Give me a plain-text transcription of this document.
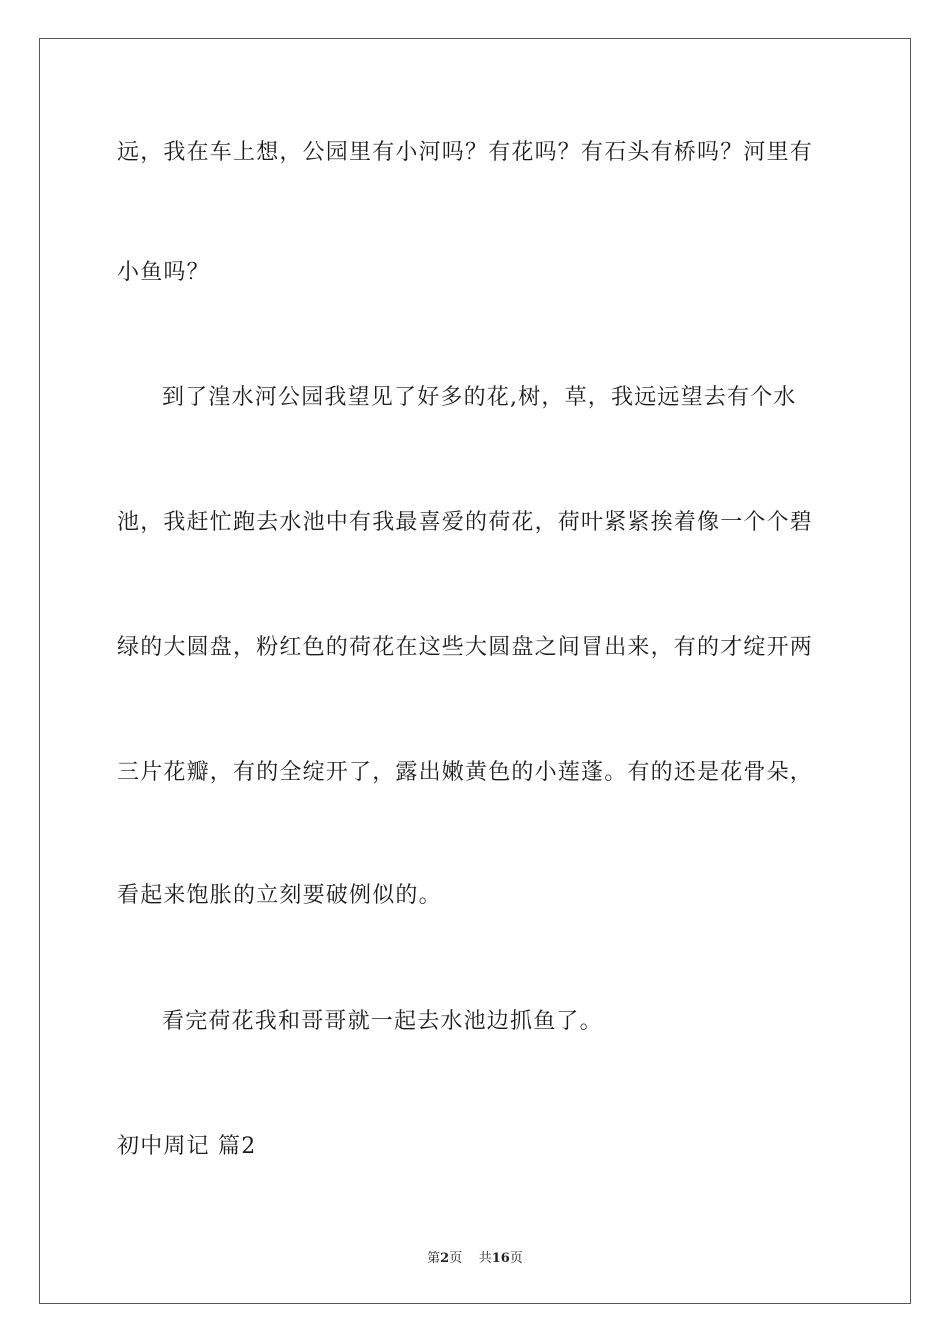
远，我在车上想，公园里有小河吗？有花吗？有石头有桥吗？河里有
小鱼吗？
到了湟水河公园我望见了好多的花,树，草，我远远望去有个水
池，我赶忙跑去水池中有我最喜爱的荷花，荷叶紧紧挨着像一个个碧
绿的大圆盘，粉红色的荷花在这些大圆盘之间冒出来，有的才绽开两
三片花瓣，有的全绽开了，露出嫩黄色的小莲蓬。有的还是花骨朵，
看起来饱胀的立刻要破例似的。
看完荷花我和哥哥就一起去水池边抓鱼了。
初中周记 篇2
第2页 共16页
